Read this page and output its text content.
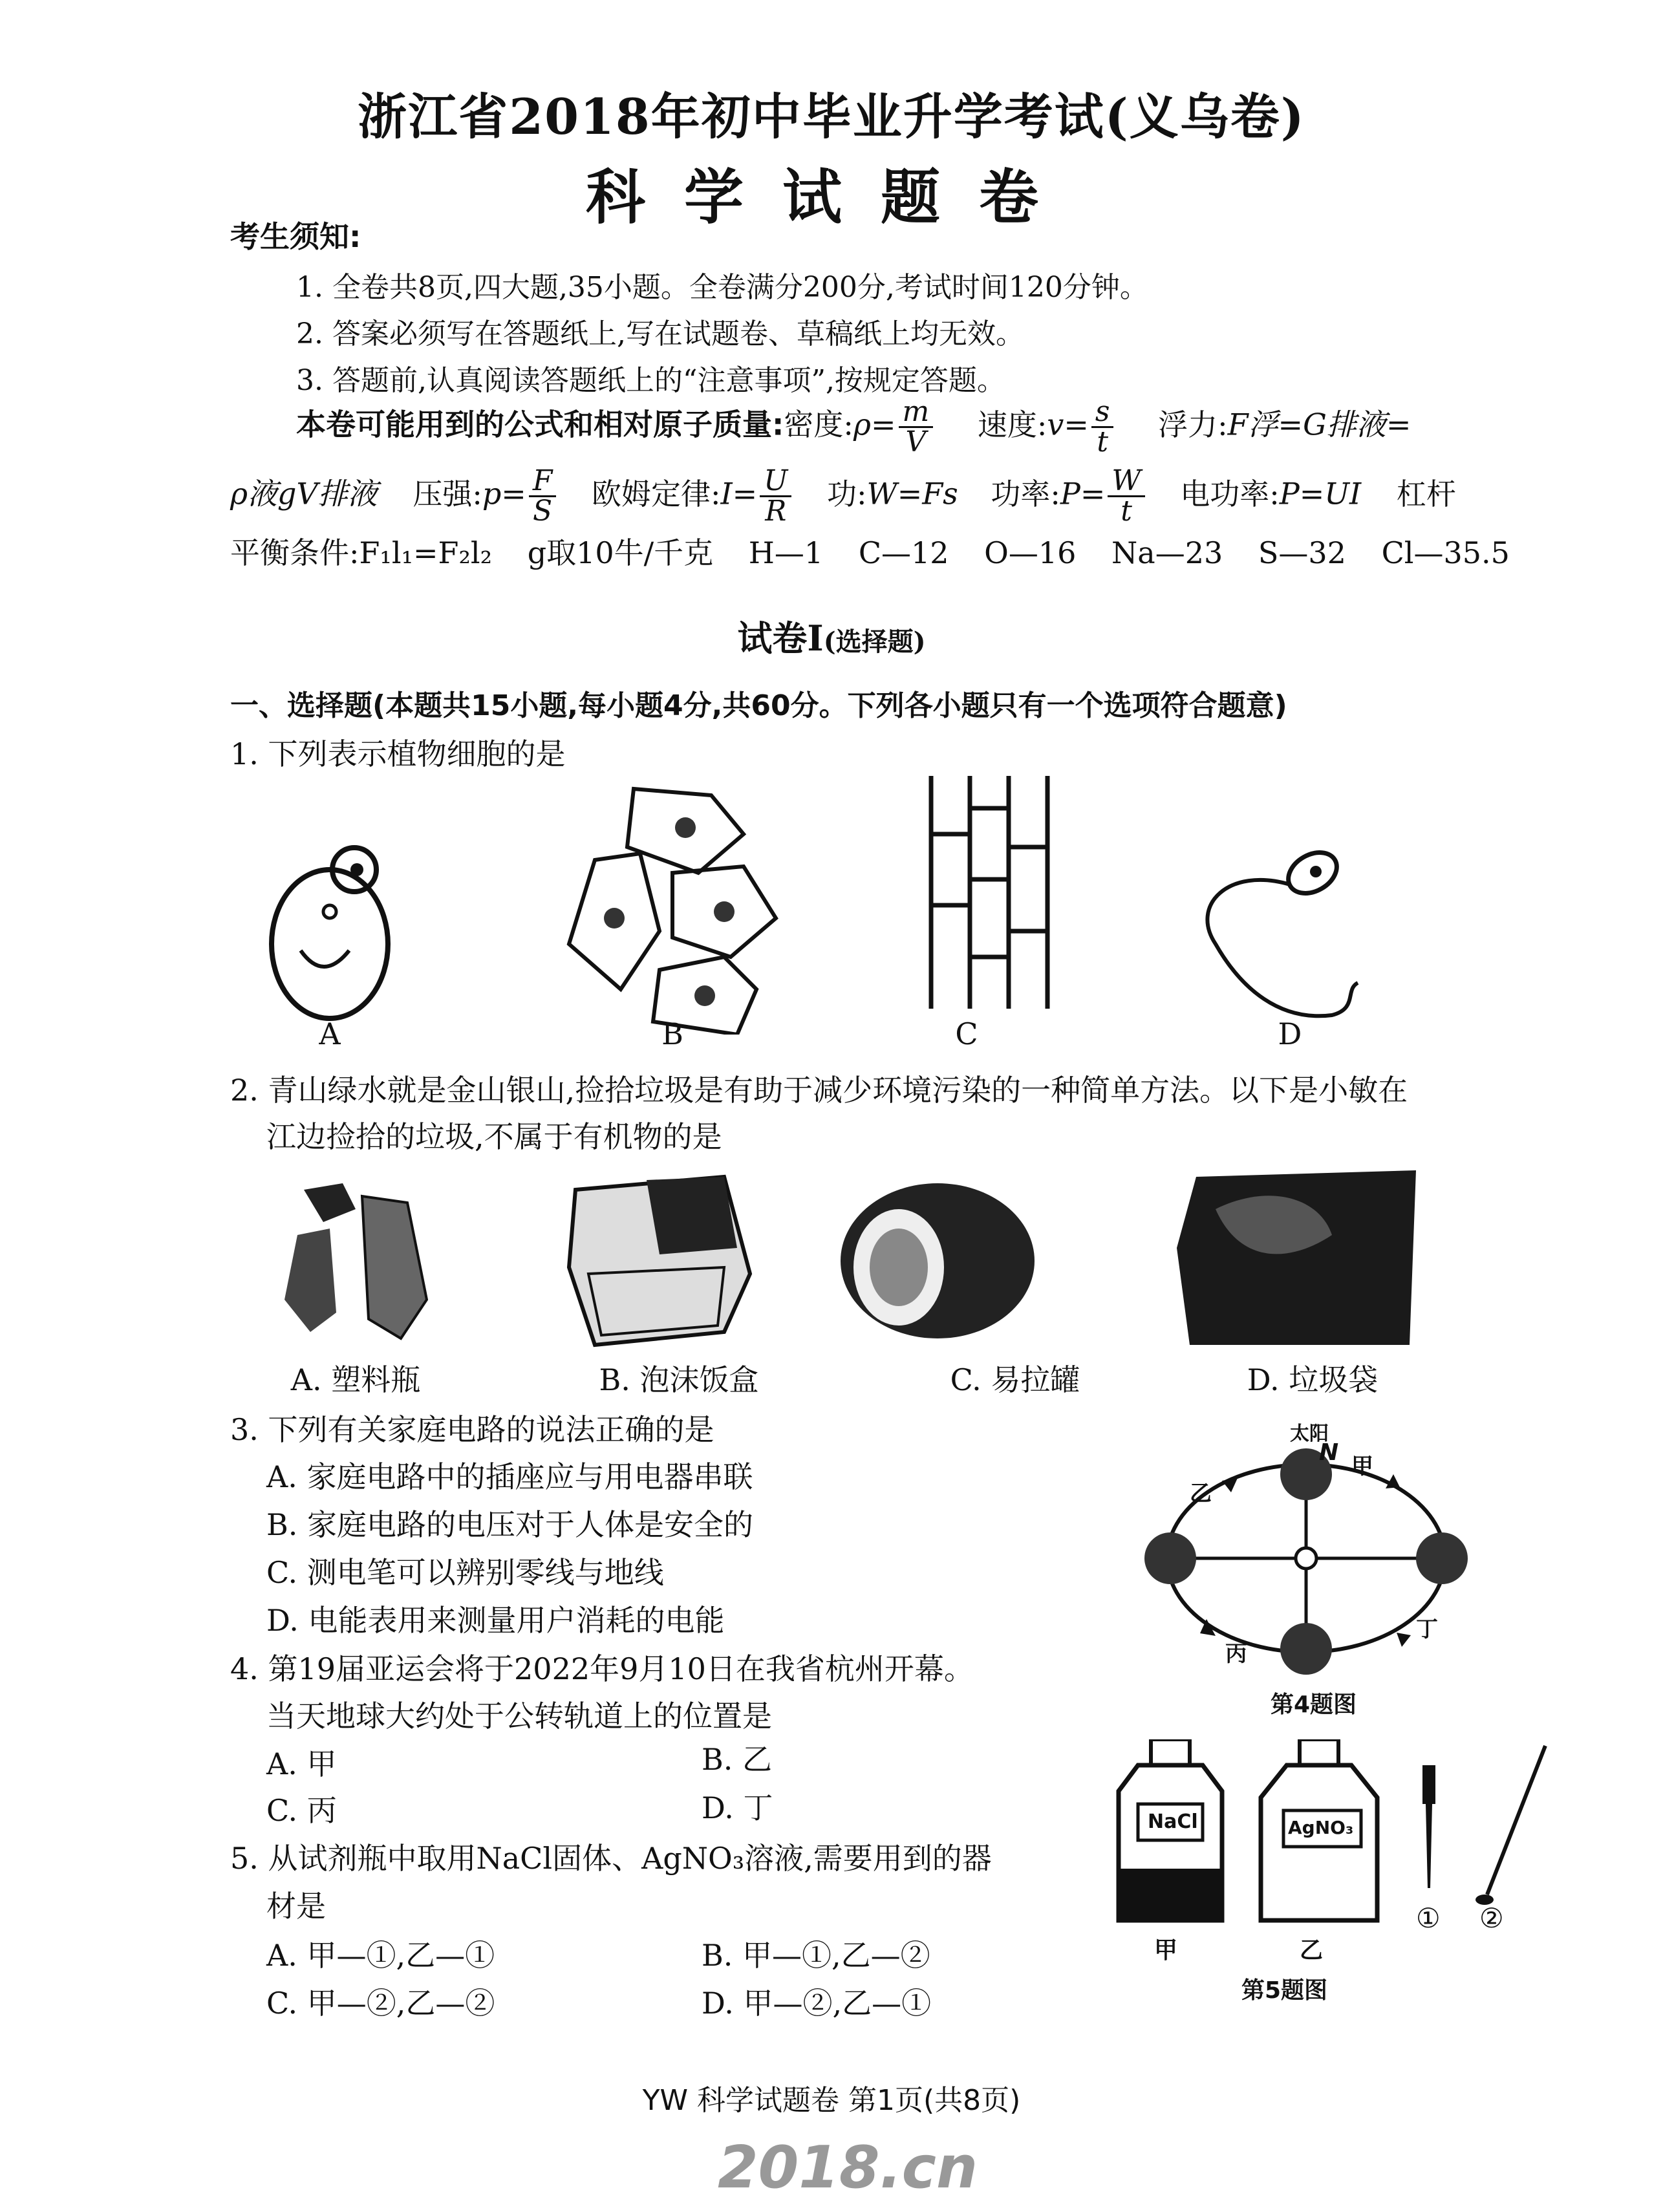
浙江省2018年初中毕业升学考试(义乌卷)
科学试题卷
考生须知:
1. 全卷共8页,四大题,35小题。全卷满分200分,考试时间120分钟。
2. 答案必须写在答题纸上,写在试题卷、草稿纸上均无效。
3. 答题前,认真阅读答题纸上的“注意事项”,按规定答题。
本卷可能用到的公式和相对原子质量:密度:ρ= $\frac{m}{V}$ 速度:v= $\frac{s}{t}$ 浮力:F浮=G排液=
ρ液gV排液 压强:p= $\frac{F}{S}$ 欧姆定律:I= $\frac{U}{R}$ 功:W=Fs 功率:P= $\frac{W}{t}$ 电功率:P=UI 杠杆
平衡条件:F₁l₁=F₂l₂ g取10牛/千克 H—1 C—12 O—16 Na—23 S—32 Cl—35.5
试卷Ⅰ(选择题)
一、选择题(本题共15小题,每小题4分,共60分。下列各小题只有一个选项符合题意)
1. 下列表示植物细胞的是
A	B	C	D
2. 青山绿水就是金山银山,捡拾垃圾是有助于减少环境污染的一种简单方法。以下是小敏在
江边捡拾的垃圾,不属于有机物的是
A. 塑料瓶	B. 泡沫饭盒	C. 易拉罐	D. 垃圾袋
3. 下列有关家庭电路的说法正确的是
A. 家庭电路中的插座应与用电器串联
B. 家庭电路的电压对于人体是安全的
C. 测电笔可以辨别零线与地线
D. 电能表用来测量用户消耗的电能
太阳
甲
乙
丙
丁
N
第4题图
4. 第19届亚运会将于2022年9月10日在我省杭州开幕。
当天地球大约处于公转轨道上的位置是
A. 甲	B. 乙
C. 丙	D. 丁
5. 从试剂瓶中取用NaCl固体、AgNO₃溶液,需要用到的器
材是
A. 甲—①,乙—①	B. 甲—①,乙—②
C. 甲—②,乙—②	D. 甲—②,乙—①
NaCl	AgNO₃
甲	乙
① ②
第5题图
YW 科学试题卷 第1页(共8页)
2018.cn
